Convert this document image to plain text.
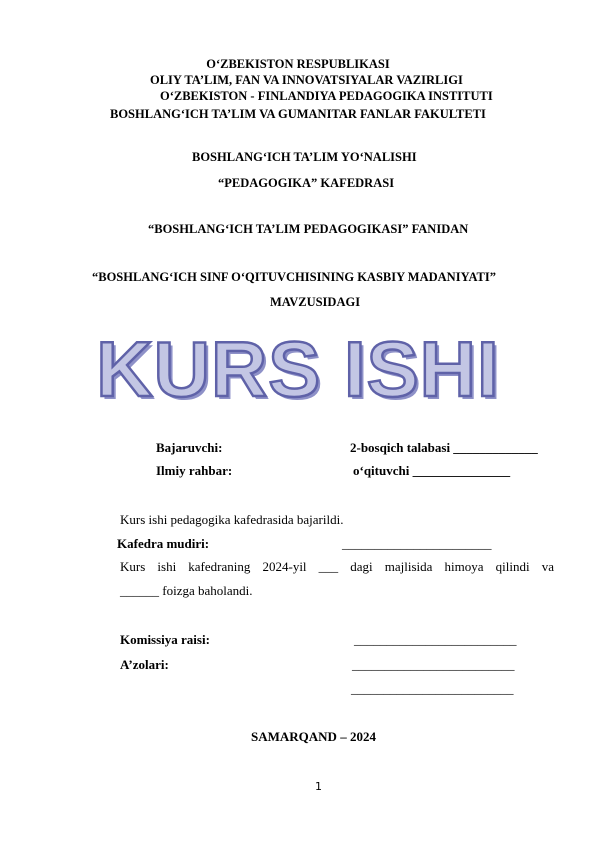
O‘ZBEKISTON RESPUBLIKASI
OLIY TA’LIM, FAN VA INNOVATSIYALAR VAZIRLIGI
O‘ZBEKISTON - FINLANDIYA PEDAGOGIKA INSTITUTI
BOSHLANG‘ICH TA’LIM VA GUMANITAR FANLAR FAKULTETI
BOSHLANG‘ICH TA’LIM YO‘NALISHI
“PEDAGOGIKA” KAFEDRASI
“BOSHLANG‘ICH TA’LIM PEDAGOGIKASI” FANIDAN
“BOSHLANG‘ICH SINF O‘QITUVCHISINING KASBIY MADANIYATI”
MAVZUSIDAGI
KURS ISHI
Bajaruvchi:	2-bosqich talabasi _____________
Ilmiy rahbar:	o‘qituvchi _______________
Kurs ishi pedagogika kafedrasida bajarildi.
Kafedra mudiri:	_______________________
Kurs ishi kafedraning 2024-yil ___ dagi majlisida himoya qilindi va
______ foizga baholandi.
Komissiya raisi:	_________________________
A’zolari:	_________________________
_________________________
SAMARQAND – 2024
1
